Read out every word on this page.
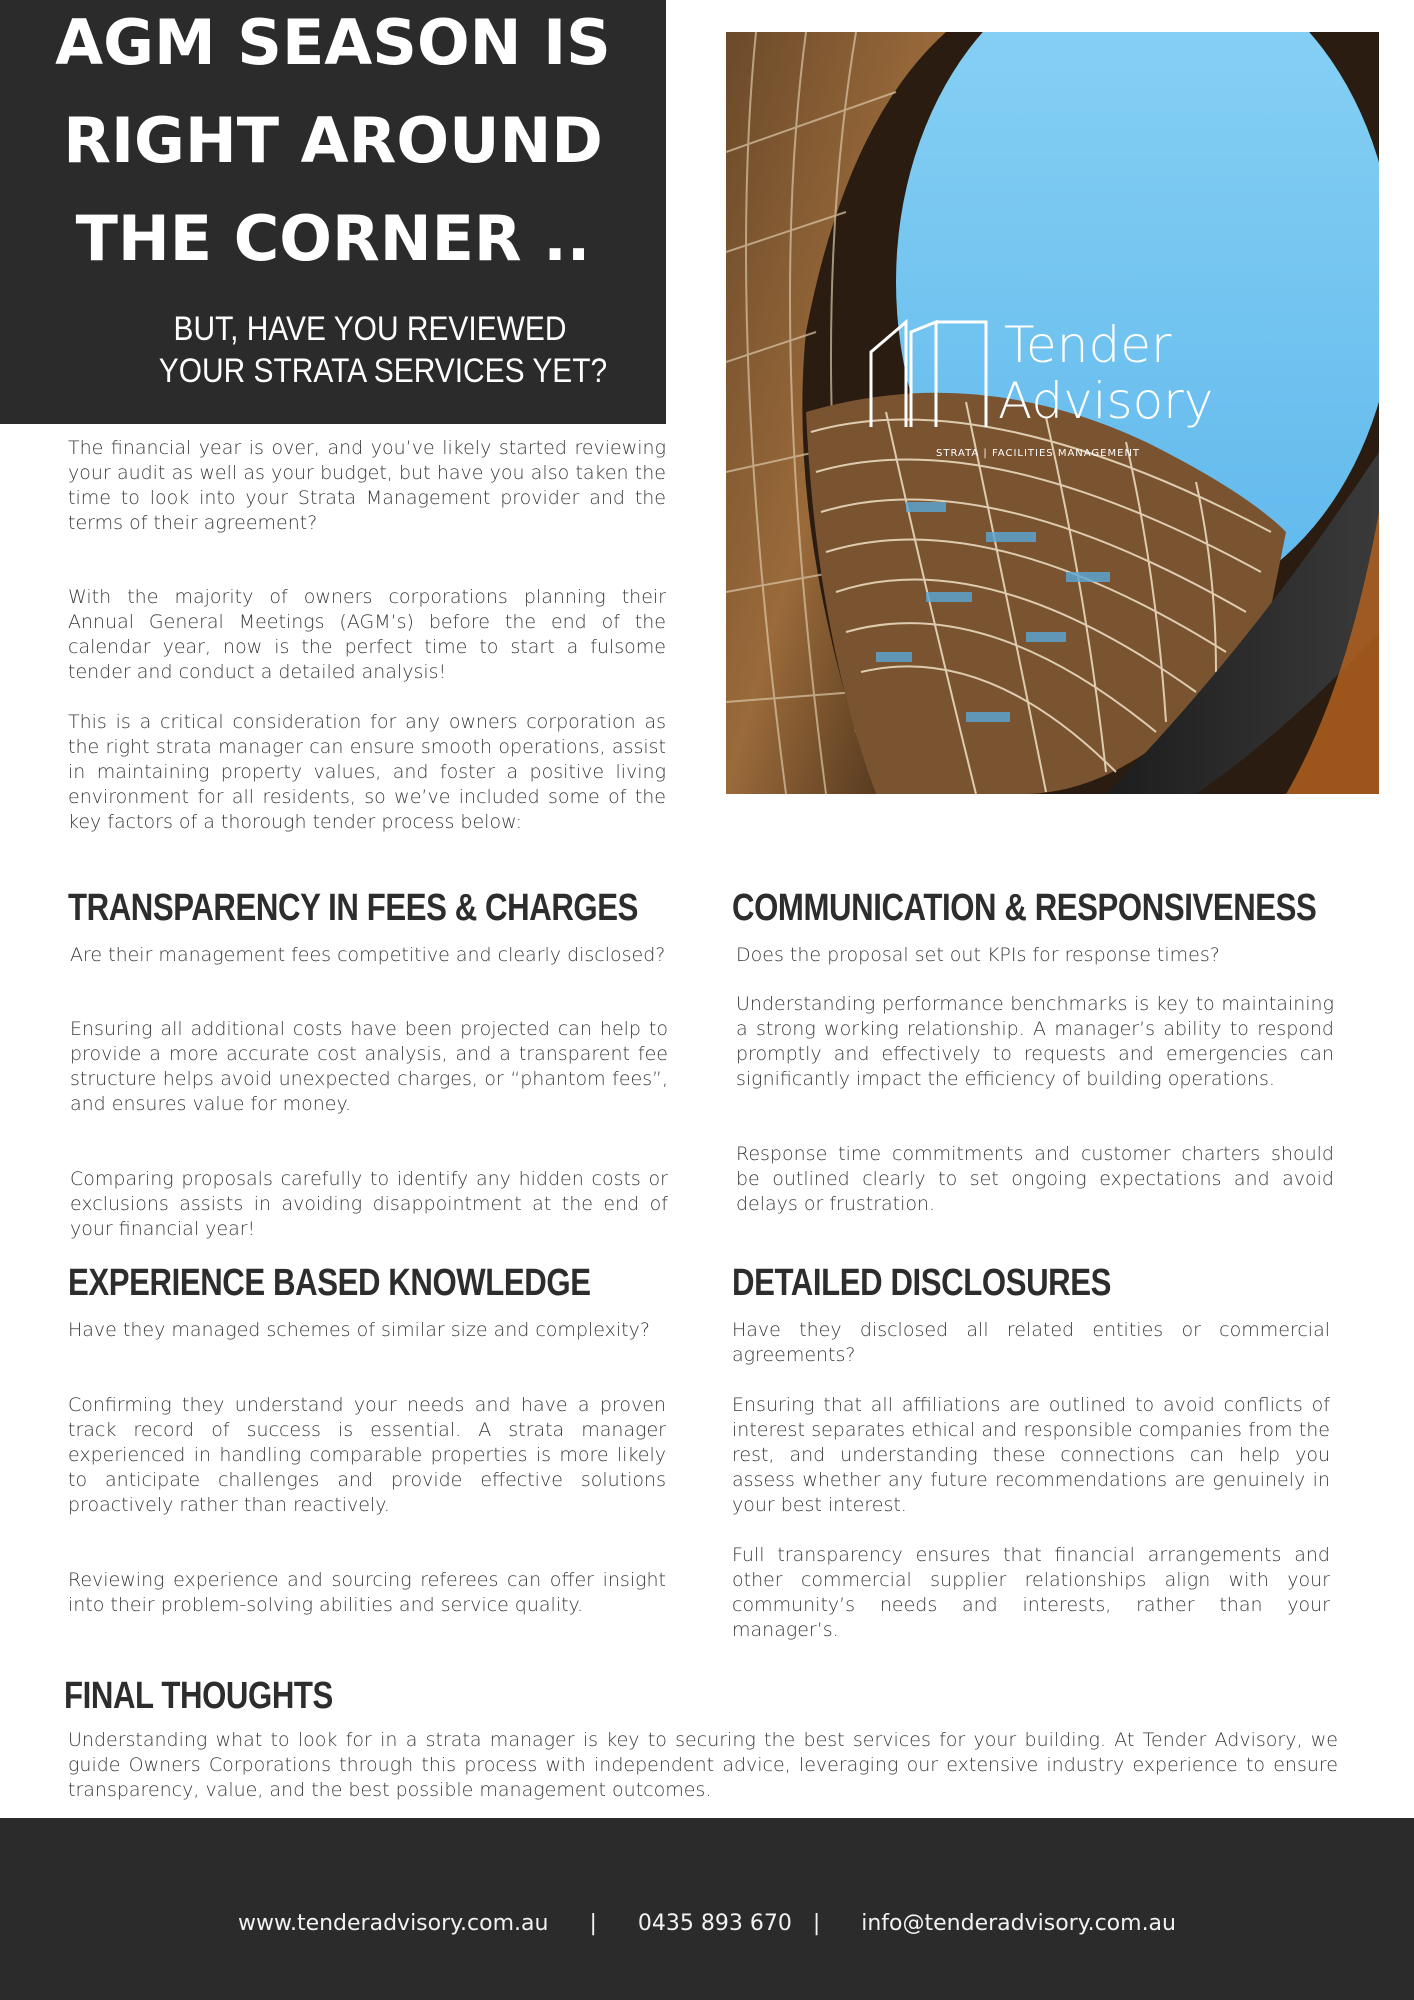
AGM SEASON IS
RIGHT AROUND
THE CORNER ..
BUT, HAVE YOU REVIEWED
YOUR STRATA SERVICES YET?	Tender
Advisory
STRATA | FACILITIES MANAGEMENT

The financial year is over, and you’ve likely started reviewing your audit as well as your budget, but have you also taken the time to look into your Strata Management provider and the terms of their agreement?

With the majority of owners corporations planning their Annual General Meetings (AGM’s) before the end of the calendar year, now is the perfect time to start a fulsome tender and conduct a detailed analysis!

This is a critical consideration for any owners corporation as the right strata manager can ensure smooth operations, assist in maintaining property values, and foster a positive living environment for all residents, so we’ve included some of the key factors of a thorough tender process below:

TRANSPARENCY IN FEES & CHARGES

Are their management fees competitive and clearly disclosed?

Ensuring all additional costs have been projected can help to provide a more accurate cost analysis, and a transparent fee structure helps avoid unexpected charges, or “phantom fees”, and ensures value for money.

Comparing proposals carefully to identify any hidden costs or exclusions assists in avoiding disappointment at the end of your financial year!

COMMUNICATION & RESPONSIVENESS

Does the proposal set out KPIs for response times?

Understanding performance benchmarks is key to maintaining a strong working relationship. A manager’s ability to respond promptly and effectively to requests and emergencies can significantly impact the efficiency of building operations.

Response time commitments and customer charters should be outlined clearly to set ongoing expectations and avoid delays or frustration.

EXPERIENCE BASED KNOWLEDGE

Have they managed schemes of similar size and complexity?

Confirming they understand your needs and have a proven track record of success is essential. A strata manager experienced in handling comparable properties is more likely to anticipate challenges and provide effective solutions proactively rather than reactively.

Reviewing experience and sourcing referees can offer insight into their problem-solving abilities and service quality.

DETAILED DISCLOSURES

Have they disclosed all related entities or commercial agreements?

Ensuring that all affiliations are outlined to avoid conflicts of interest separates ethical and responsible companies from the rest, and understanding these connections can help you assess whether any future recommendations are genuinely in your best interest.

Full transparency ensures that financial arrangements and other commercial supplier relationships align with your community’s needs and interests, rather than your manager’s.

FINAL THOUGHTS

Understanding what to look for in a strata manager is key to securing the best services for your building. At Tender Advisory, we guide Owners Corporations through this process with independent advice, leveraging our extensive industry experience to ensure transparency, value, and the best possible management outcomes.

www.tenderadvisory.com.au | 0435 893 670 | info@tenderadvisory.com.au
